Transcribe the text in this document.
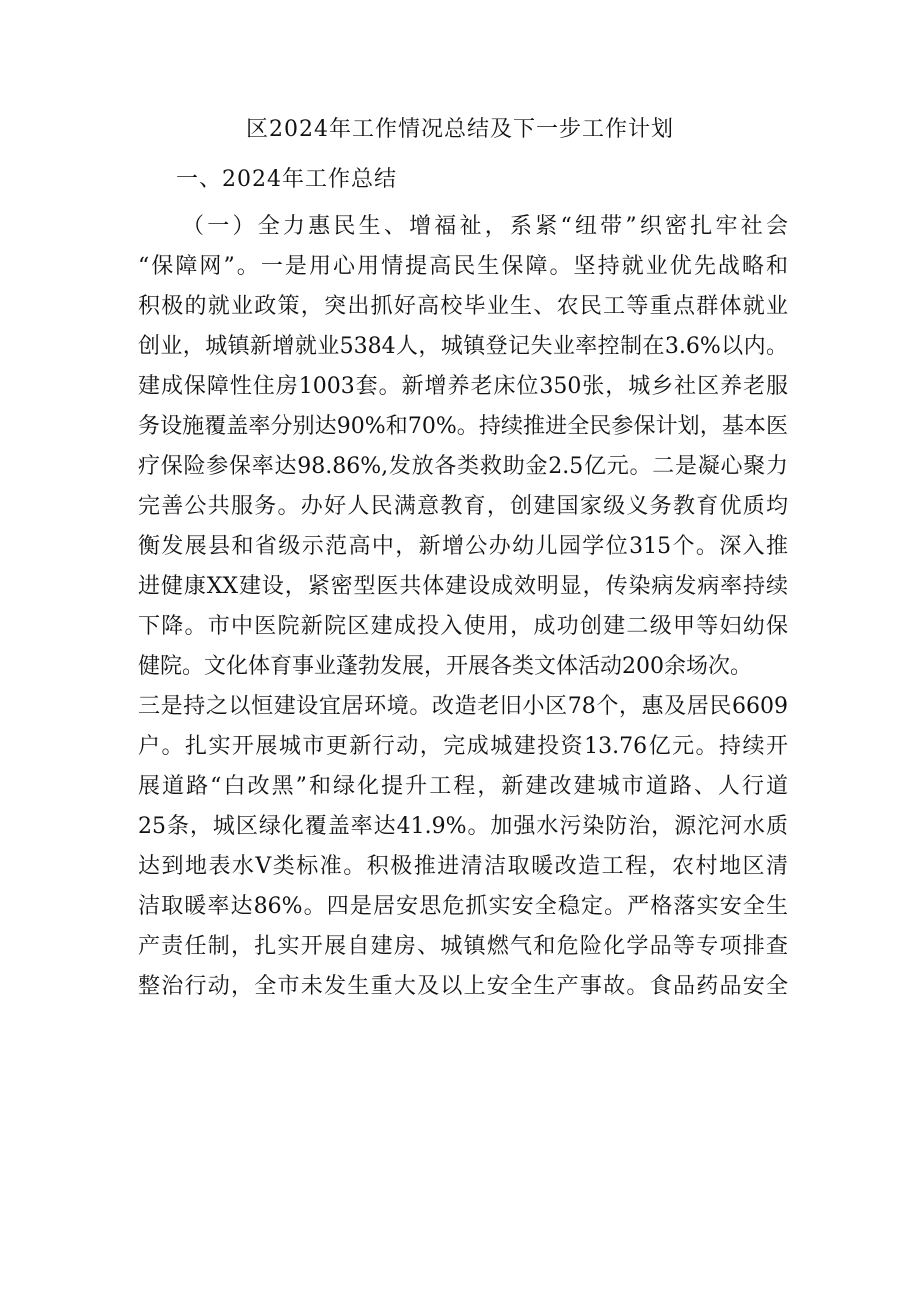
区2024年工作情况总结及下一步工作计划
一、2024年工作总结
（一）全力惠民生、增福祉，系紧“纽带”织密扎牢社会
“保障网”。一是用心用情提高民生保障。坚持就业优先战略和
积极的就业政策，突出抓好高校毕业生、农民工等重点群体就业
创业，城镇新增就业5384人，城镇登记失业率控制在3.6%以内。
建成保障性住房1003套。新增养老床位350张，城乡社区养老服
务设施覆盖率分别达90%和70%。持续推进全民参保计划，基本医
疗保险参保率达98.86%,发放各类救助金2.5亿元。二是凝心聚力
完善公共服务。办好人民满意教育，创建国家级义务教育优质均
衡发展县和省级示范高中，新增公办幼儿园学位315个。深入推
进健康XX建设，紧密型医共体建设成效明显，传染病发病率持续
下降。市中医院新院区建成投入使用，成功创建二级甲等妇幼保
健院。文化体育事业蓬勃发展，开展各类文体活动200余场次。
三是持之以恒建设宜居环境。改造老旧小区78个，惠及居民6609
户。扎实开展城市更新行动，完成城建投资13.76亿元。持续开
展道路“白改黑”和绿化提升工程，新建改建城市道路、人行道
25条，城区绿化覆盖率达41.9%。加强水污染防治，源沱河水质
达到地表水V类标准。积极推进清洁取暖改造工程，农村地区清
洁取暖率达86%。四是居安思危抓实安全稳定。严格落实安全生
产责任制，扎实开展自建房、城镇燃气和危险化学品等专项排查
整治行动，全市未发生重大及以上安全生产事故。食品药品安全
